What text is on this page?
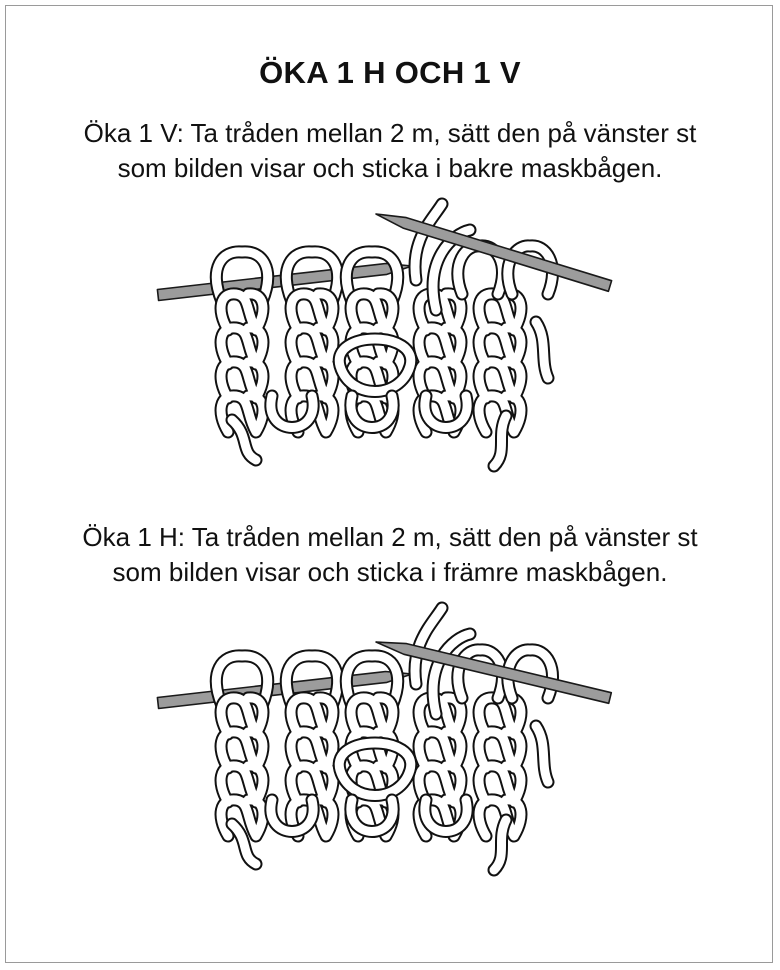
ÖKA 1 H OCH 1 V
Öka 1 V: Ta tråden mellan 2 m, sätt den på vänster st
som bilden visar och sticka i bakre maskbågen.
Öka 1 H: Ta tråden mellan 2 m, sätt den på vänster st
som bilden visar och sticka i främre maskbågen.
